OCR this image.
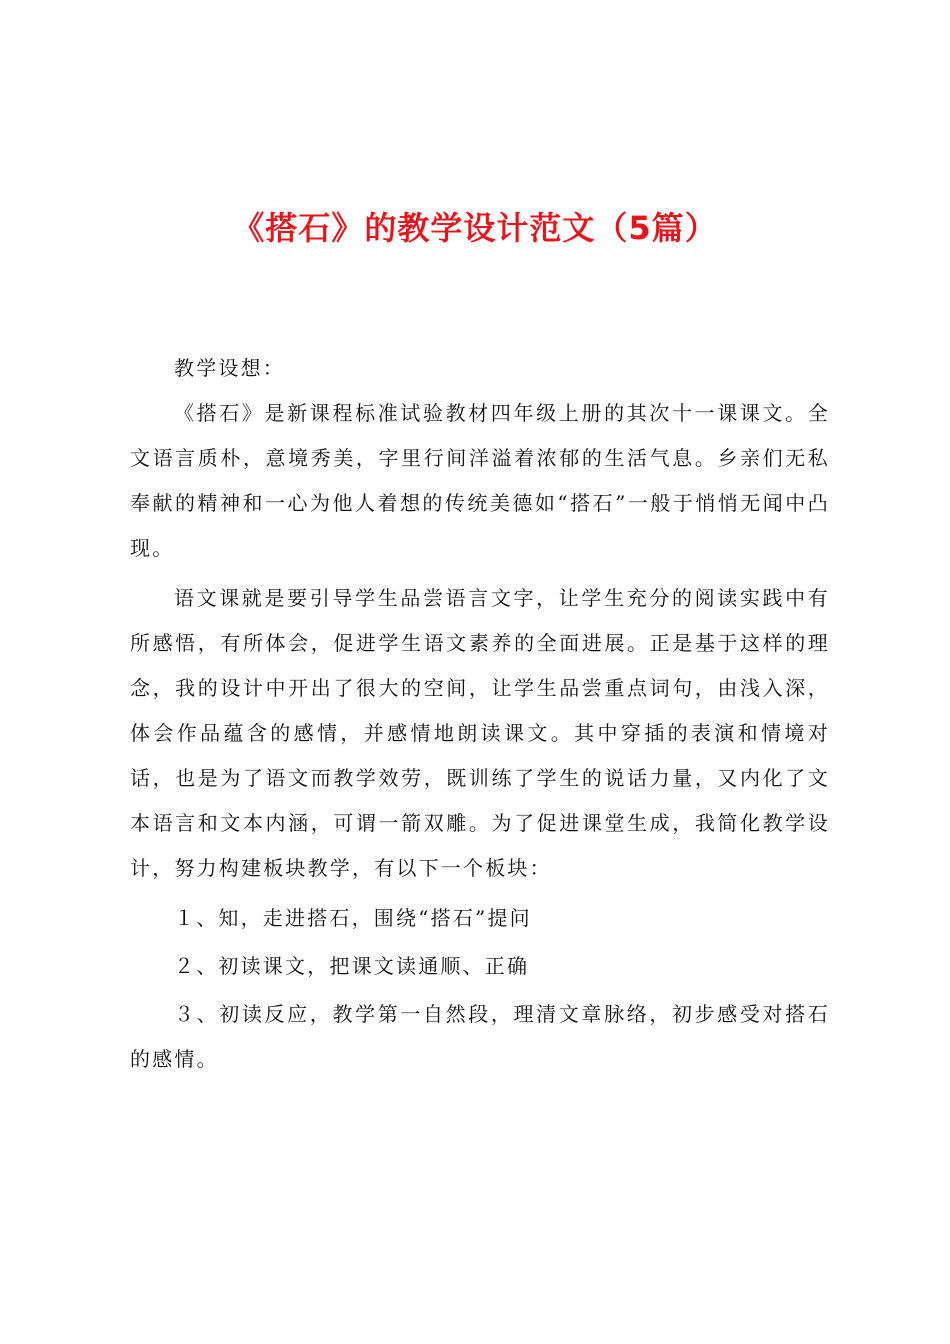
《搭石》的教学设计范文（5篇）

教学设想：

《搭石》是新课程标准试验教材四年级上册的其次十一课课文。全文语言质朴，意境秀美，字里行间洋溢着浓郁的生活气息。乡亲们无私奉献的精神和一心为他人着想的传统美德如“搭石”一般于悄悄无闻中凸现。

语文课就是要引导学生品尝语言文字，让学生充分的阅读实践中有所感悟，有所体会，促进学生语文素养的全面进展。正是基于这样的理念，我的设计中开出了很大的空间，让学生品尝重点词句，由浅入深，体会作品蕴含的感情，并感情地朗读课文。其中穿插的表演和情境对话，也是为了语文而教学效劳，既训练了学生的说话力量，又内化了文本语言和文本内涵，可谓一箭双雕。为了促进课堂生成，我简化教学设计，努力构建板块教学，有以下一个板块：

１、知，走进搭石，围绕“搭石”提问

２、初读课文，把课文读通顺、正确

３、初读反应，教学第一自然段，理清文章脉络，初步感受对搭石的感情。
